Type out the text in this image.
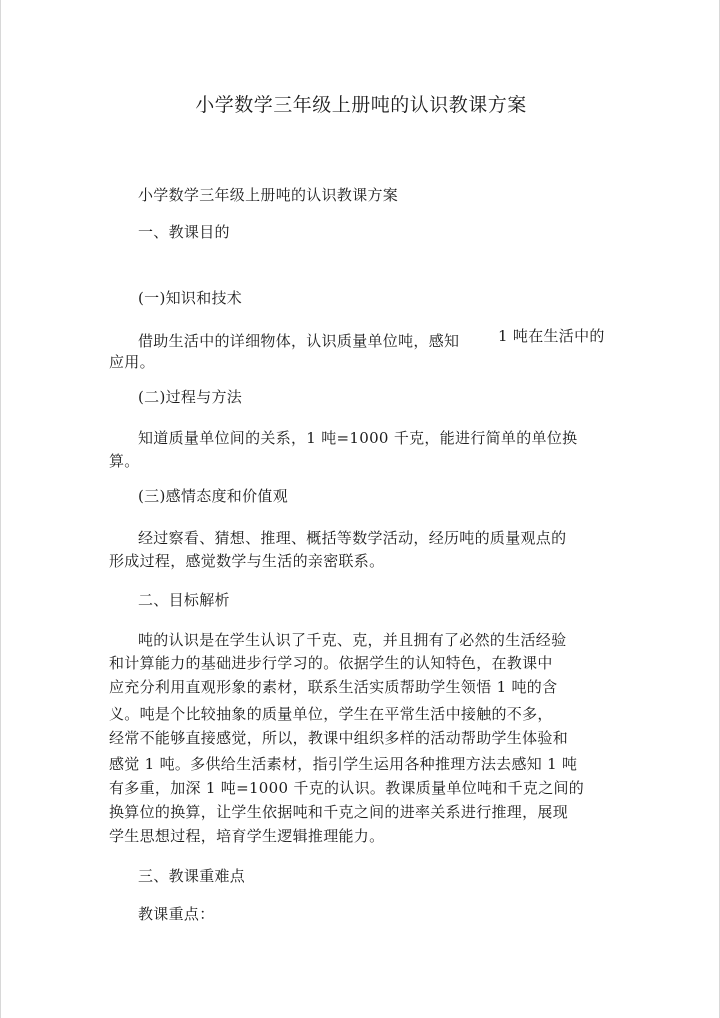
小学数学三年级上册吨的认识教课方案
小学数学三年级上册吨的认识教课方案
一、教课目的
(一)知识和技术
借助生活中的详细物体，认识质量单位吨，感知	1 吨在生活中的
应用。
(二)过程与方法
知道质量单位间的关系，1 吨=1000 千克，能进行简单的单位换
算。
(三)感情态度和价值观
经过察看、猜想、推理、概括等数学活动，经历吨的质量观点的
形成过程，感觉数学与生活的亲密联系。
二、目标解析
吨的认识是在学生认识了千克、克，并且拥有了必然的生活经验
和计算能力的基础进步行学习的。依据学生的认知特色，在教课中
应充分利用直观形象的素材，联系生活实质帮助学生领悟 1 吨的含
义。吨是个比较抽象的质量单位，学生在平常生活中接触的不多，
经常不能够直接感觉，所以，教课中组织多样的活动帮助学生体验和
感觉 1 吨。多供给生活素材，指引学生运用各种推理方法去感知 1 吨
有多重，加深 1 吨=1000 千克的认识。教课质量单位吨和千克之间的
换算位的换算，让学生依据吨和千克之间的进率关系进行推理，展现
学生思想过程，培育学生逻辑推理能力。
三、教课重难点
教课重点：
